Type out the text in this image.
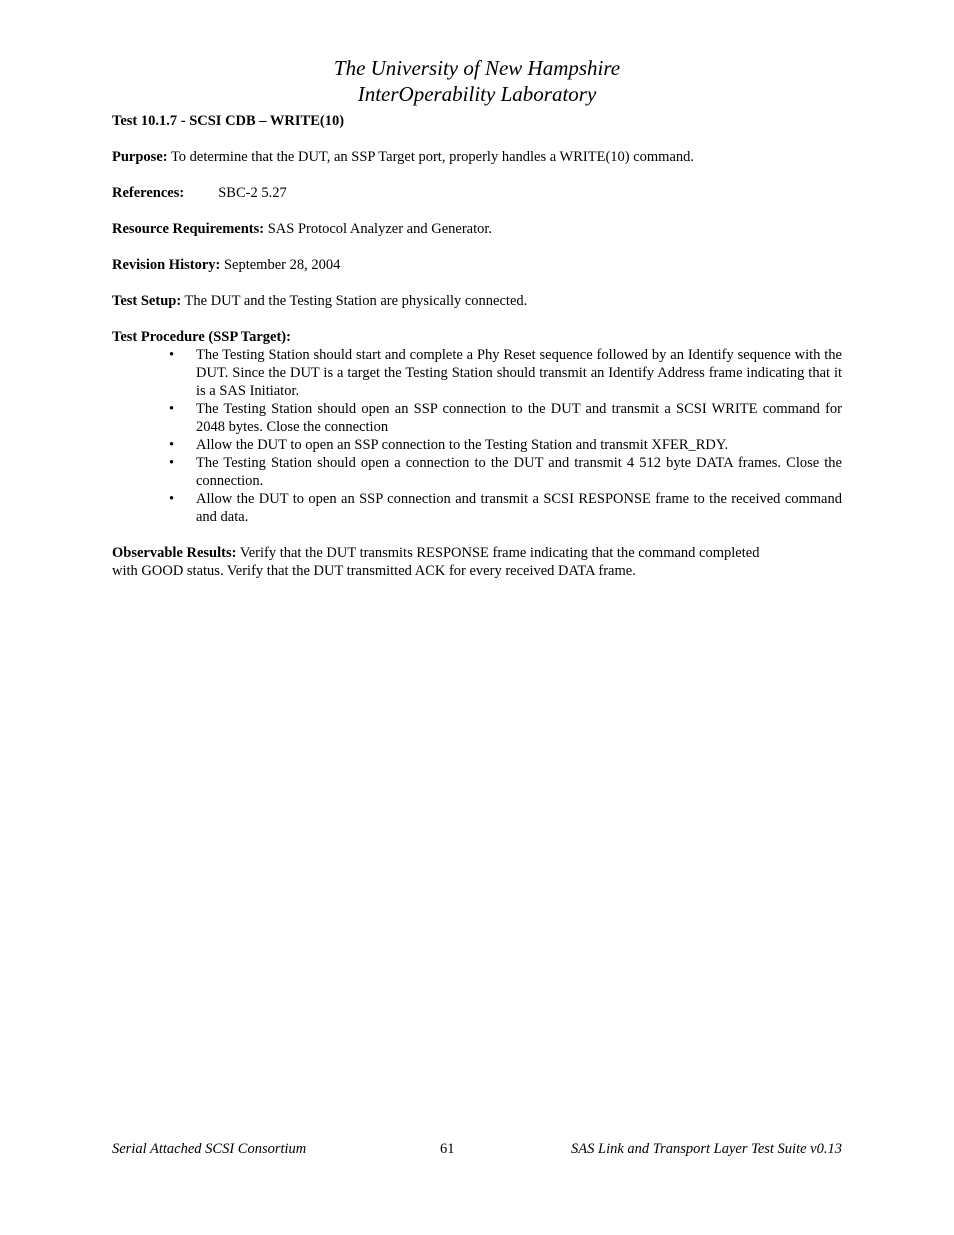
The University of New Hampshire
InterOperability Laboratory

Test 10.1.7 - SCSI CDB – WRITE(10)

Purpose: To determine that the DUT, an SSP Target port, properly handles a WRITE(10) command.

References: SBC-2 5.27

Resource Requirements: SAS Protocol Analyzer and Generator.

Revision History: September 28, 2004

Test Setup: The DUT and the Testing Station are physically connected.

Test Procedure (SSP Target):

• The Testing Station should start and complete a Phy Reset sequence followed by an Identify sequence with the DUT. Since the DUT is a target the Testing Station should transmit an Identify Address frame indicating that it is a SAS Initiator.
• The Testing Station should open an SSP connection to the DUT and transmit a SCSI WRITE command for 2048 bytes. Close the connection
• Allow the DUT to open an SSP connection to the Testing Station and transmit XFER_RDY.
• The Testing Station should open a connection to the DUT and transmit 4 512 byte DATA frames. Close the connection.
• Allow the DUT to open an SSP connection and transmit a SCSI RESPONSE frame to the received command and data.
Observable Results: Verify that the DUT transmits RESPONSE frame indicating that the command completed
with GOOD status. Verify that the DUT transmitted ACK for every received DATA frame.
Serial Attached SCSI Consortium	61	SAS Link and Transport Layer Test Suite v0.13
